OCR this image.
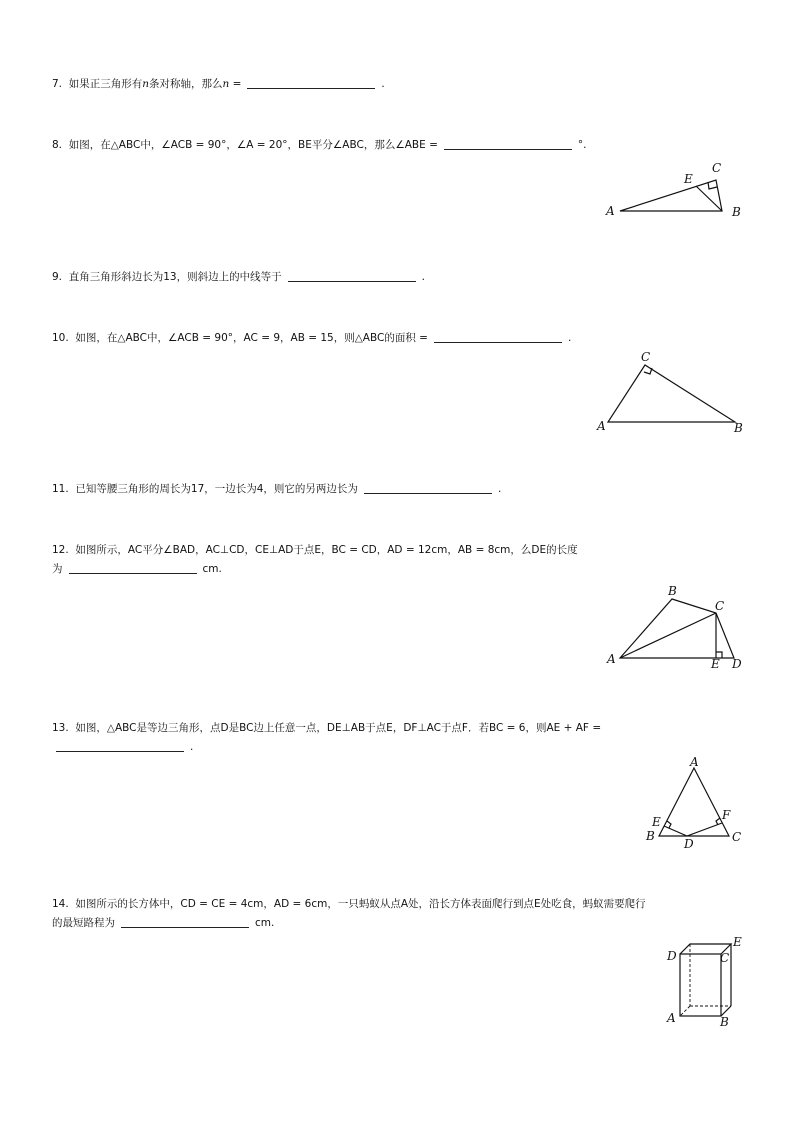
7. 如果正三角形有n条对称轴，那么n =	.
8. 如图，在△ABC中，∠ACB = 90°，∠A = 20°，BE平分∠ABC，那么∠ABE =	°.
A	B
C
E
9. 直角三角形斜边长为13，则斜边上的中线等于	.
10. 如图，在△ABC中，∠ACB = 90°，AC = 9，AB = 15，则△ABC的面积 =	.
A	B
C
11. 已知等腰三角形的周长为17，一边长为4，则它的另两边长为	.
12. 如图所示，AC平分∠BAD，AC⊥CD，CE⊥AD于点E，BC = CD，AD = 12cm，AB = 8cm，么DE的长度
为	cm.
A
B
C
D
E
13. 如图，△ABC是等边三角形，点D是BC边上任意一点，DE⊥AB于点E，DF⊥AC于点F．若BC = 6，则AE + AF =
.
A
B	C
D
E	F
14. 如图所示的长方体中，CD = CE = 4cm，AD = 6cm，一只蚂蚁从点A处，沿长方体表面爬行到点E处吃食，蚂蚁需要爬行
的最短路程为	cm.
A	B
C
D
E
